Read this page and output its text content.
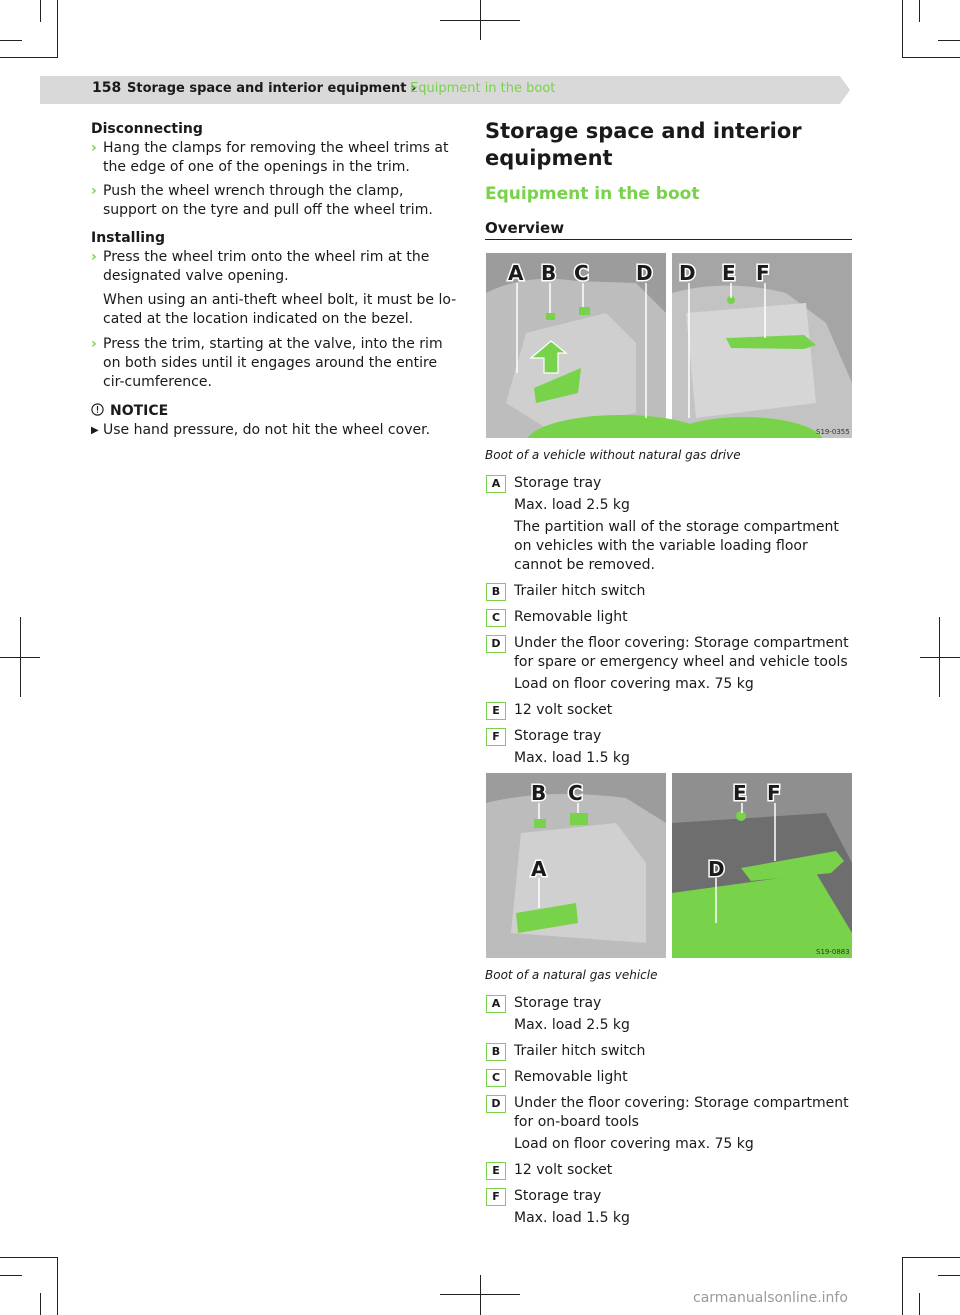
158 Storage space and interior equipment ›
Equipment in the boot
Disconnecting
› Hang the clamps for removing the wheel trims at the edge of one of the openings in the trim.
› Push the wheel wrench through the clamp, support on the tyre and pull off the wheel trim.
Installing
› Press the wheel trim onto the wheel rim at the designated valve opening.
When using an anti-theft wheel bolt, it must be lo-cated at the location indicated on the bezel.
› Press the trim, starting at the valve, into the rim on both sides until it engages around the entire cir-cumference.
NOTICE
▶ Use hand pressure, do not hit the wheel cover.
Storage space and interior equipment
Equipment in the boot
Overview
A B C D D E F
S19-0355
Boot of a vehicle without natural gas drive
A Storage tray
Max. load 2.5 kg
The partition wall of the storage compartment on vehicles with the variable loading floor cannot be removed.
B Trailer hitch switch
C Removable light
D Under the floor covering: Storage compartment for spare or emergency wheel and vehicle tools
Load on floor covering max. 75 kg
E	12 volt socket
F	Storage tray
Max. load 1.5 kg
B C
A
E F
D
S19-0883
Boot of a natural gas vehicle
A Storage tray
Max. load 2.5 kg
B Trailer hitch switch
C Removable light
D Under the floor covering: Storage compartment for on-board tools
Load on floor covering max. 75 kg
E	12 volt socket
F	Storage tray
Max. load 1.5 kg
carmanualsonline.info
